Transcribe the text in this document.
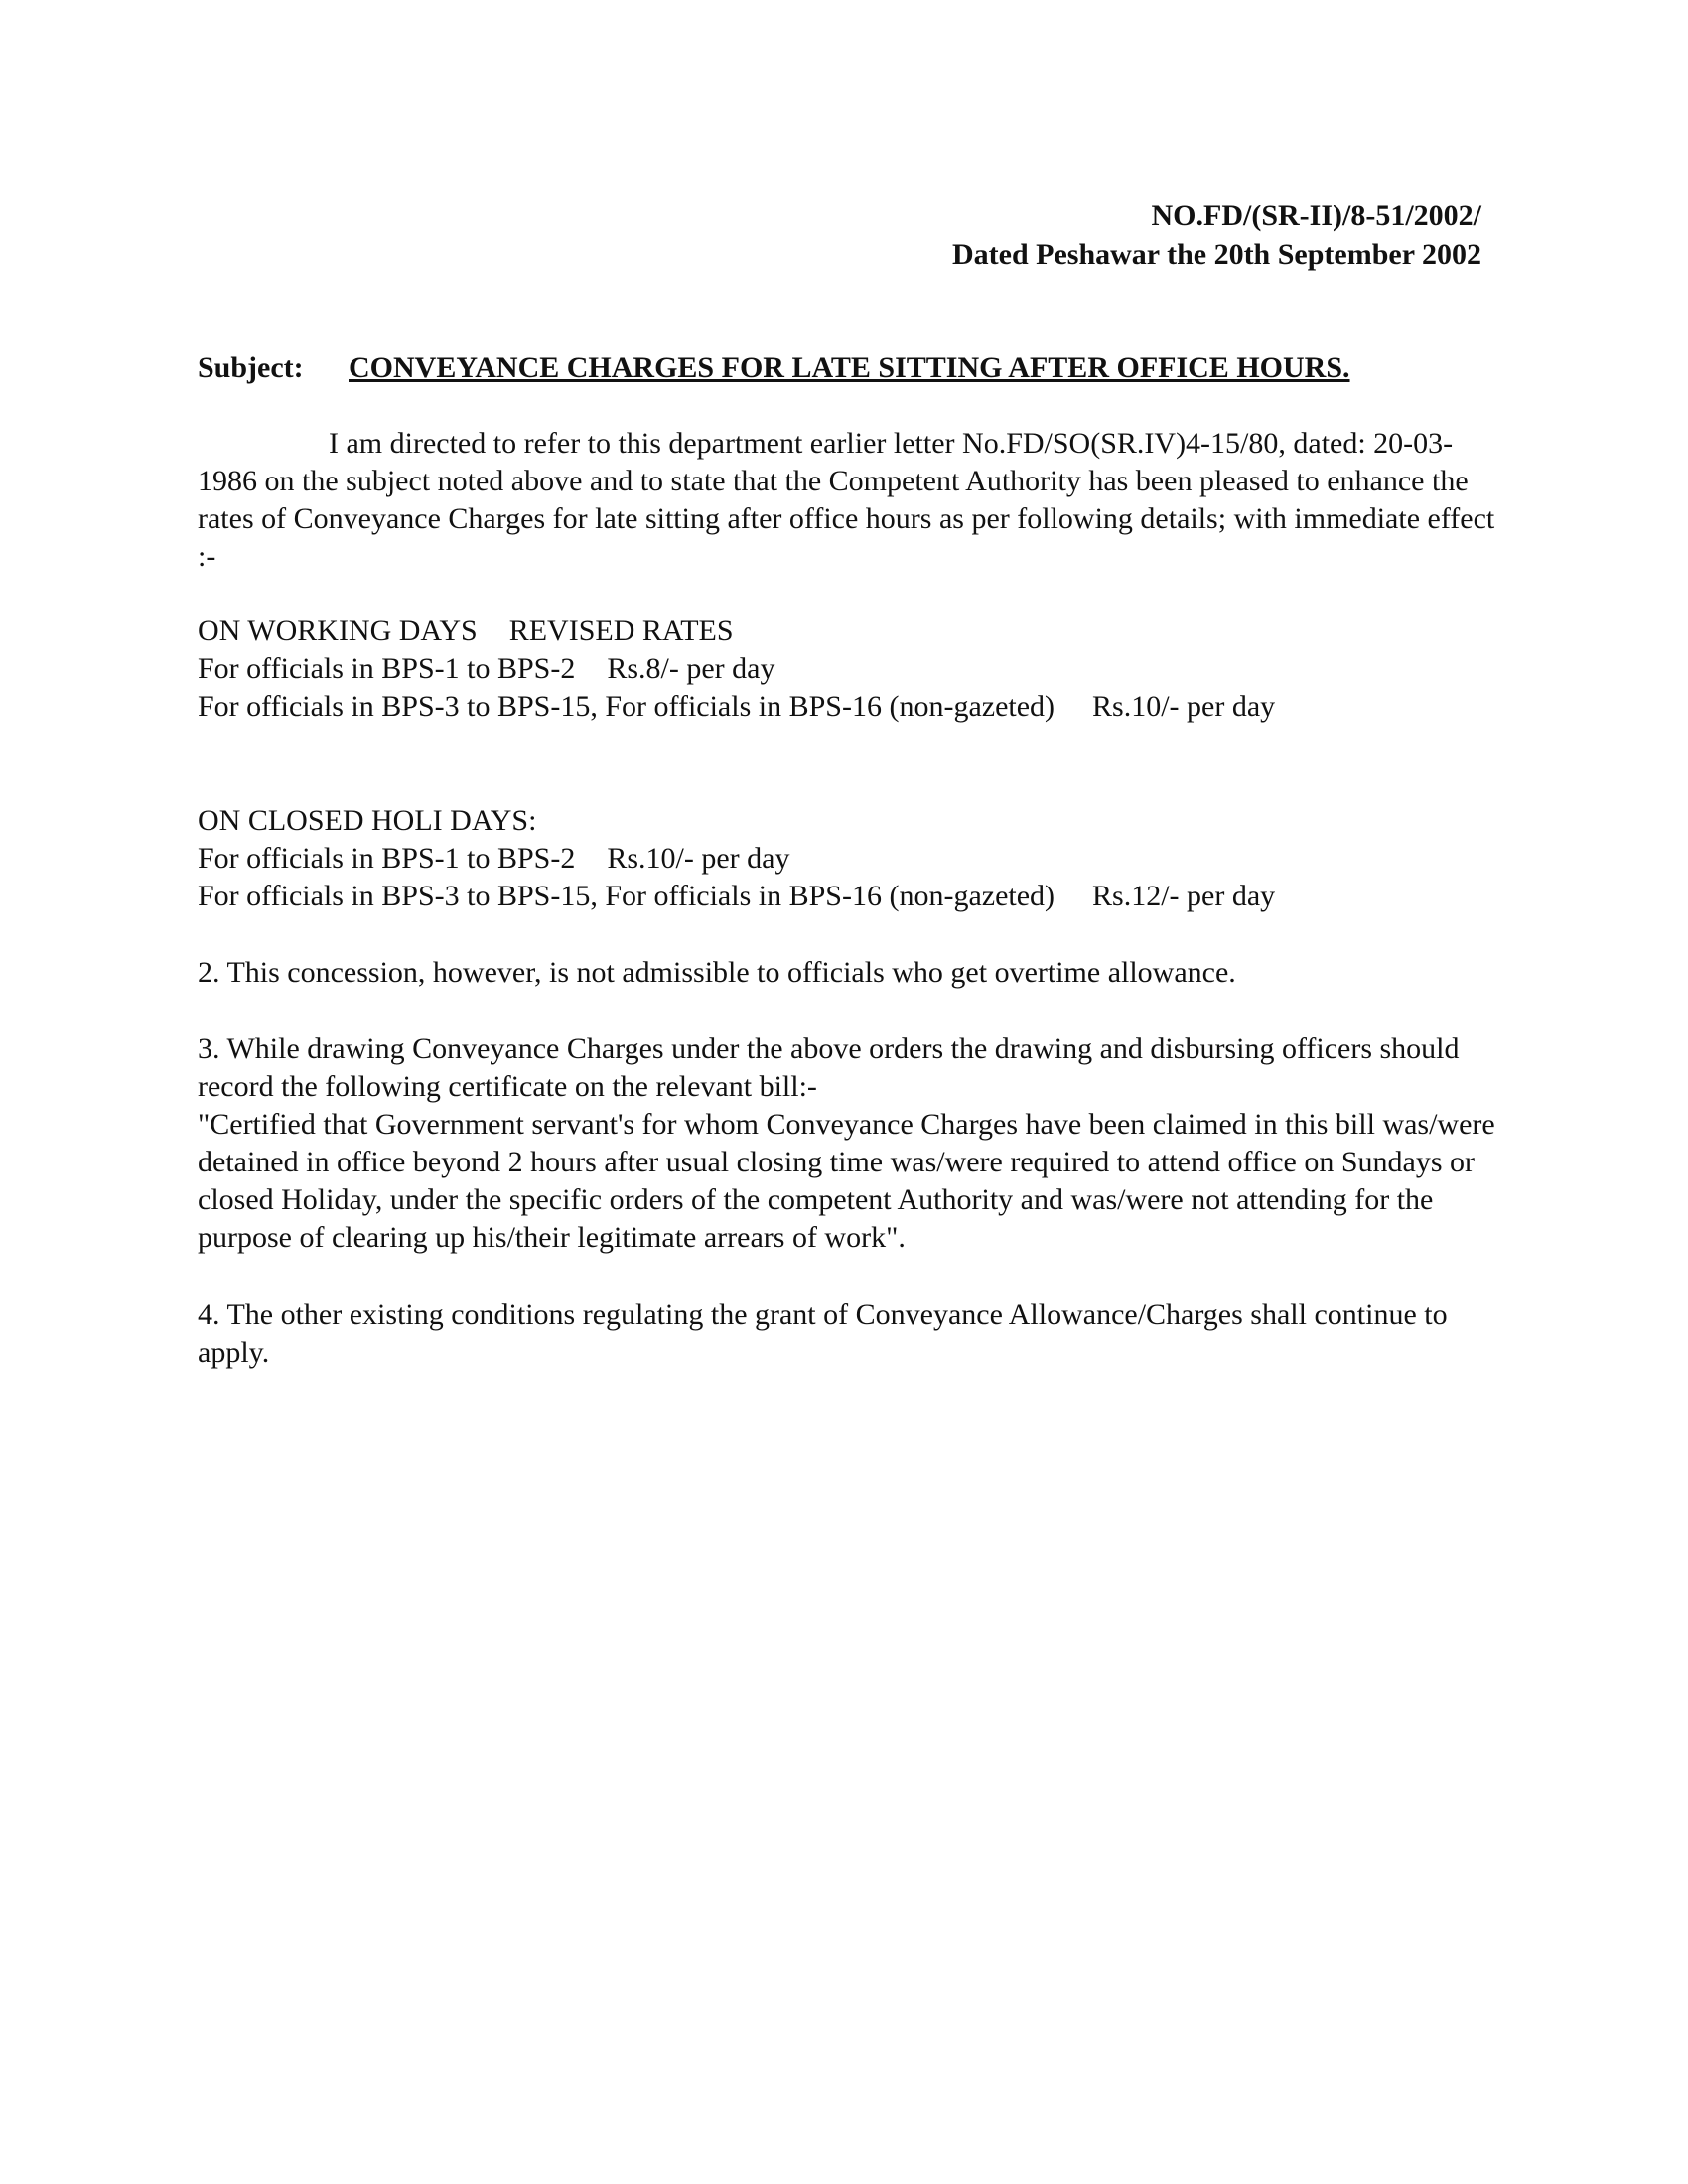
NO.FD/(SR-II)/8-51/2002/
Dated Peshawar the 20th September 2002
Subject: CONVEYANCE CHARGES FOR LATE SITTING AFTER OFFICE HOURS.
I am directed to refer to this department earlier letter No.FD/SO(SR.IV)4-15/80, dated: 20-03-1986 on the subject noted above and to state that the Competent Authority has been pleased to enhance the rates of Conveyance Charges for late sitting after office hours as per following details; with immediate effect :-
ON WORKING DAYS REVISED RATES
For officials in BPS-1 to BPS-2 Rs.8/- per day
For officials in BPS-3 to BPS-15, For officials in BPS-16 (non-gazeted) Rs.10/- per day
ON CLOSED HOLI DAYS:
For officials in BPS-1 to BPS-2 Rs.10/- per day
For officials in BPS-3 to BPS-15, For officials in BPS-16 (non-gazeted) Rs.12/- per day
2. This concession, however, is not admissible to officials who get overtime allowance.
3. While drawing Conveyance Charges under the above orders the drawing and disbursing officers should record the following certificate on the relevant bill:-
"Certified that Government servant's for whom Conveyance Charges have been claimed in this bill was/were detained in office beyond 2 hours after usual closing time was/were required to attend office on Sundays or closed Holiday, under the specific orders of the competent Authority and was/were not attending for the purpose of clearing up his/their legitimate arrears of work".
4. The other existing conditions regulating the grant of Conveyance Allowance/Charges shall continue to apply.
